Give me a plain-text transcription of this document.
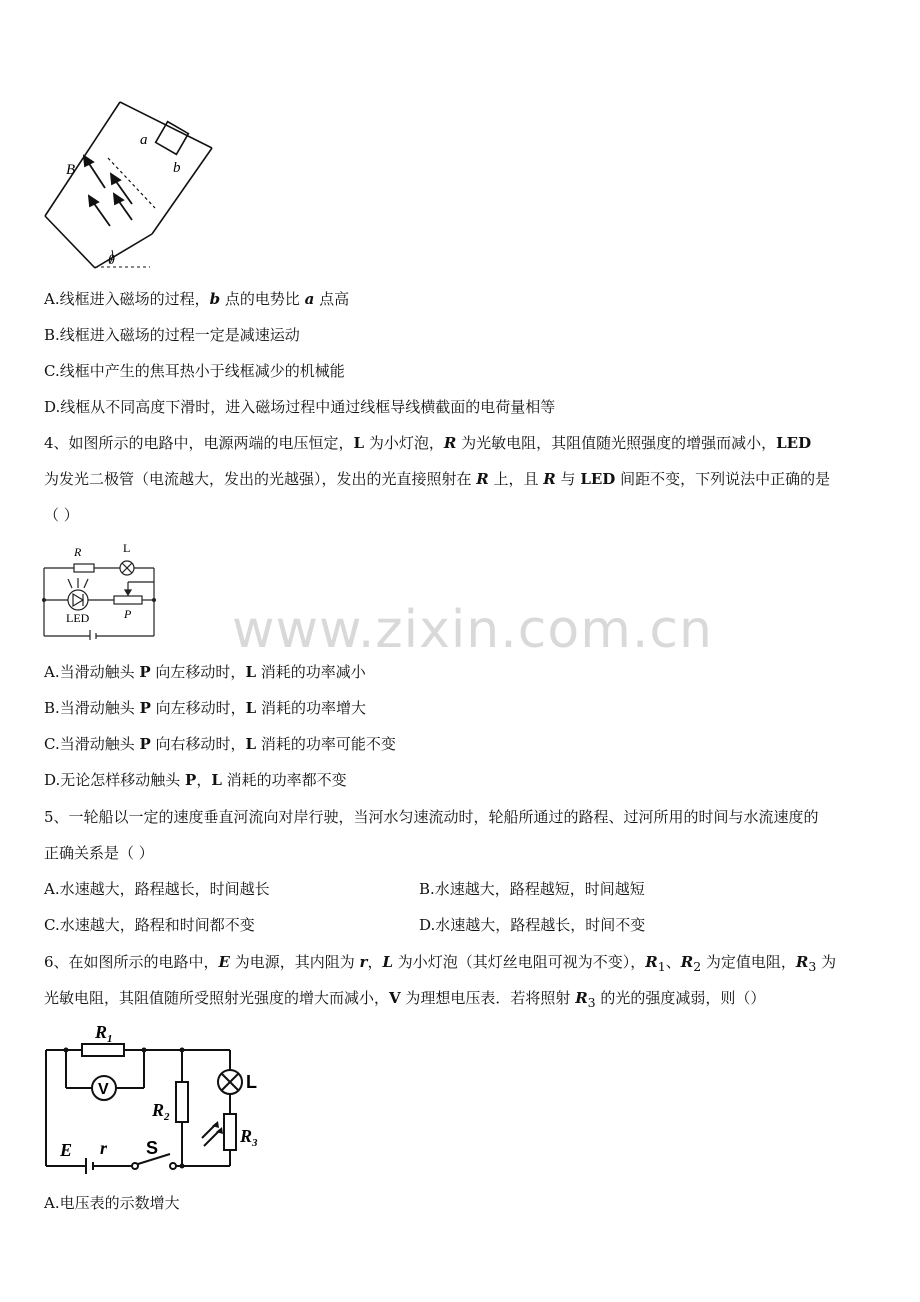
a
b
B
θ
A.线框进入磁场的过程，b 点的电势比 a 点高
B.线框进入磁场的过程一定是减速运动
C.线框中产生的焦耳热小于线框减少的机械能
D.线框从不同高度下滑时，进入磁场过程中通过线框导线横截面的电荷量相等
4、如图所示的电路中，电源两端的电压恒定，L 为小灯泡，R 为光敏电阻，其阻值随光照强度的增强而减小，LED
为发光二极管（电流越大，发出的光越强），发出的光直接照射在 R 上，且 R 与 LED 间距不变，下列说法中正确的是
（ ）
R	L
LED	P www.zixin.com.cn
A.当滑动触头 P 向左移动时，L 消耗的功率减小
B.当滑动触头 P 向左移动时，L 消耗的功率增大
C.当滑动触头 P 向右移动时，L 消耗的功率可能不变
D.无论怎样移动触头 P，L 消耗的功率都不变
5、一轮船以一定的速度垂直河流向对岸行驶，当河水匀速流动时，轮船所通过的路程、过河所用的时间与水流速度的
正确关系是（ ）
A.水速越大，路程越长，时间越长	B.水速越大，路程越短，时间越短
C.水速越大，路程和时间都不变	D.水速越大，路程越长，时间不变
6、在如图所示的电路中，E 为电源，其内阻为 r，L 为小灯泡（其灯丝电阻可视为不变），$R_1$、$R_2$ 为定值电阻，$R_3$ 为
光敏电阻，其阻值随所受照射光强度的增大而减小，V 为理想电压表．若将照射 $R_3$ 的光的强度减弱，则（）
$R_1$
V
$R_2$
L
$R_3$
E r S
A.电压表的示数增大
